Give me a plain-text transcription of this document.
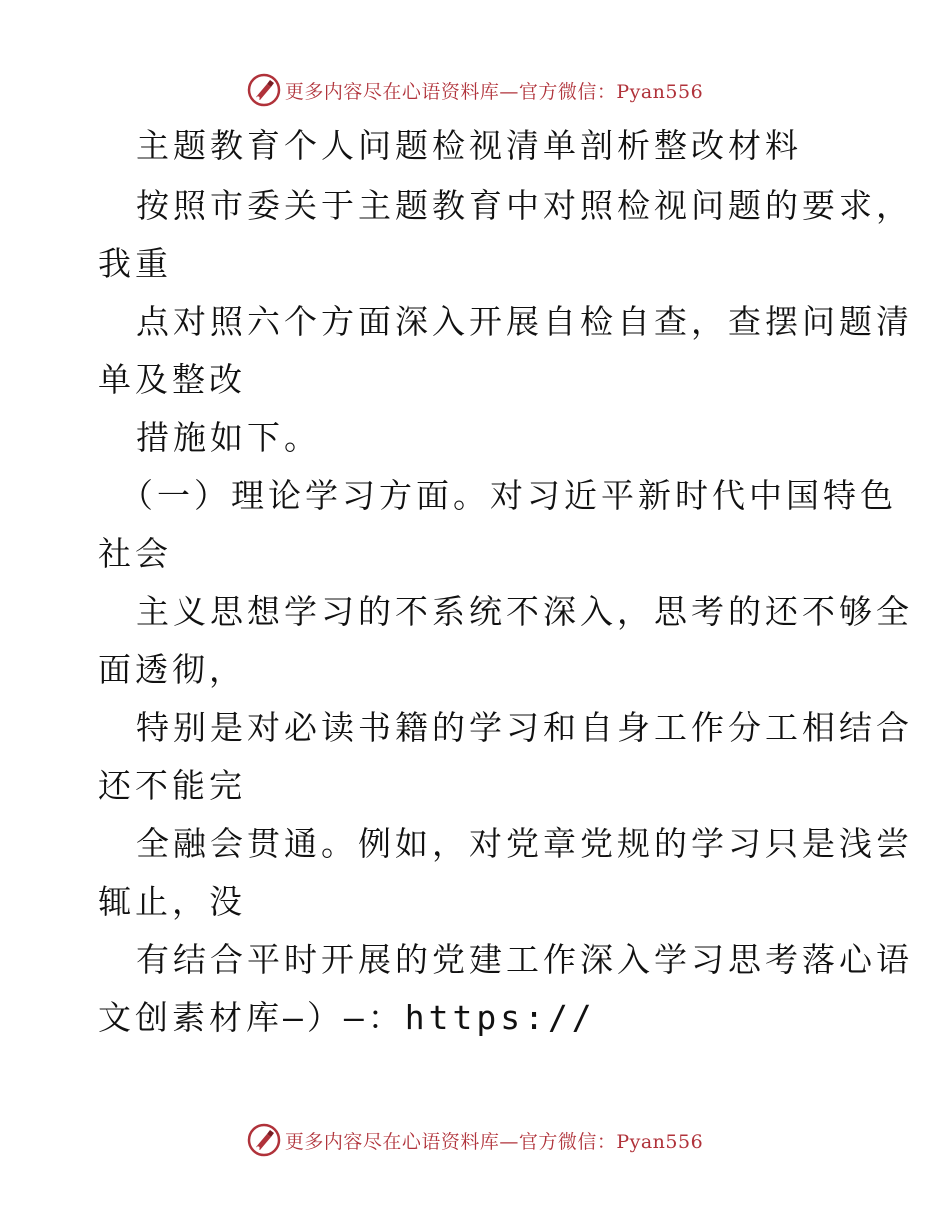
更多内容尽在心语资料库—官方微信：Pyan556
主题教育个人问题检视清单剖析整改材料
按照市委关于主题教育中对照检视问题的要求，
我重
点对照六个方面深入开展自检自查，查摆问题清
单及整改
措施如下。
（一）理论学习方面。对习近平新时代中国特色
社会
主义思想学习的不系统不深入，思考的还不够全
面透彻，
特别是对必读书籍的学习和自身工作分工相结合
还不能完
全融会贯通。例如，对党章党规的学习只是浅尝
辄止，没
有结合平时开展的党建工作深入学习思考落心语
文创素材库—）—：https://
更多内容尽在心语资料库—官方微信：Pyan556
